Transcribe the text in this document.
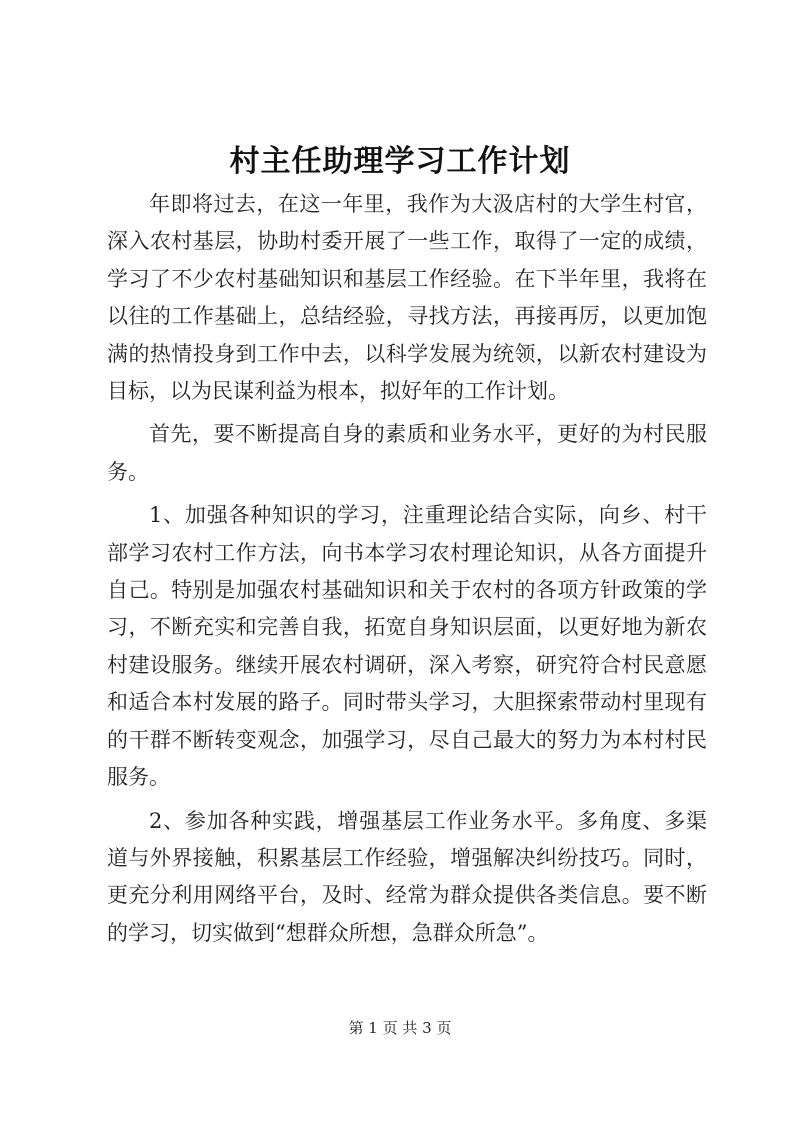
村主任助理学习工作计划

年即将过去，在这一年里，我作为大汲店村的大学生村官，深入农村基层，协助村委开展了一些工作，取得了一定的成绩，学习了不少农村基础知识和基层工作经验。在下半年里，我将在以往的工作基础上，总结经验，寻找方法，再接再厉，以更加饱满的热情投身到工作中去，以科学发展为统领，以新农村建设为目标，以为民谋利益为根本，拟好年的工作计划。

首先，要不断提高自身的素质和业务水平，更好的为村民服务。

1、加强各种知识的学习，注重理论结合实际，向乡、村干部学习农村工作方法，向书本学习农村理论知识，从各方面提升自己。特别是加强农村基础知识和关于农村的各项方针政策的学习，不断充实和完善自我，拓宽自身知识层面，以更好地为新农村建设服务。继续开展农村调研，深入考察，研究符合村民意愿和适合本村发展的路子。同时带头学习，大胆探索带动村里现有的干群不断转变观念，加强学习，尽自己最大的努力为本村村民服务。

2、参加各种实践，增强基层工作业务水平。多角度、多渠道与外界接触，积累基层工作经验，增强解决纠纷技巧。同时，更充分利用网络平台，及时、经常为群众提供各类信息。要不断的学习，切实做到“想群众所想，急群众所急”。

第 1 页 共 3 页
